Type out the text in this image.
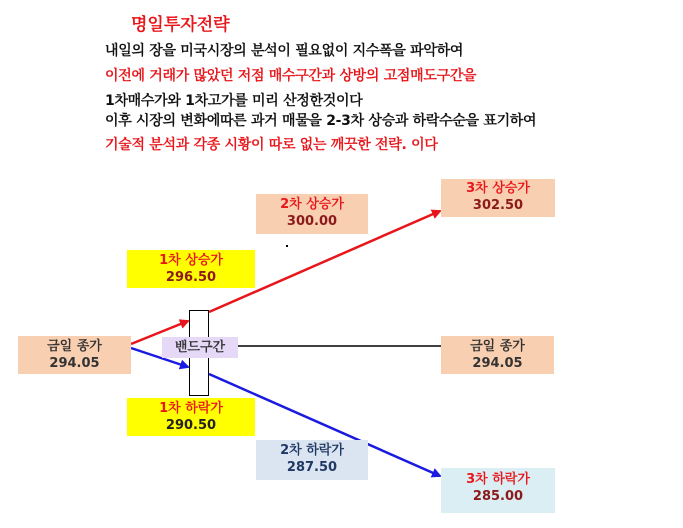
명일투자전략
내일의 장을 미국시장의 분석이 필요없이 지수폭을 파악하여
이전에 거래가 많았던 저점 매수구간과 상방의 고점매도구간을
1차매수가와 1차고가를 미리 산정한것이다
이후 시장의 변화에따른 과거 매물을 2-3차 상승과 하락수순을 표기하여
기술적 분석과 각종 시황이 따로 없는 깨끗한 전략. 이다
밴드구간
금일 종가
294.05
1차 상승가
296.50
2차 상승가
300.00
3차 상승가
302.50
금일 종가
294.05
1차 하락가
290.50
2차 하락가
287.50
3차 하락가
285.00
